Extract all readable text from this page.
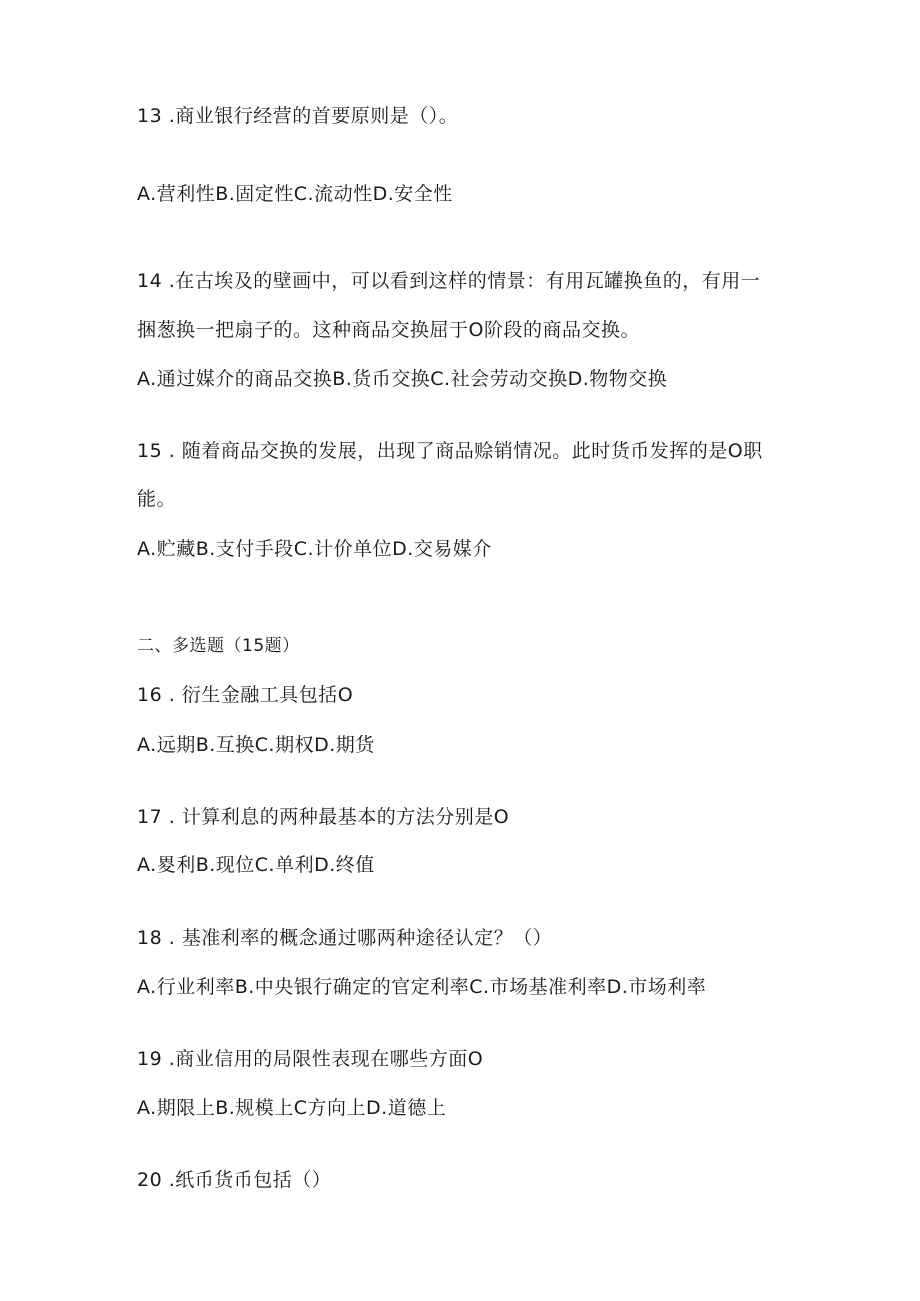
13 .商业银行经营的首要原则是（）。
A.营利性B.固定性C.流动性D.安全性
14 .在古埃及的壁画中，可以看到这样的情景：有用瓦罐换鱼的，有用一
捆葱换一把扇子的。这种商品交换屈于O阶段的商品交换。
A.通过媒介的商品交换B.货币交换C.社会劳动交换D.物物交换
15 . 随着商品交换的发展，出现了商品赊销情况。此时货币发挥的是O职
能。
A.贮藏B.支付手段C.计价单位D.交易媒介
二、多选题（15题）
16 . 衍生金融工具包括O
A.远期B.互换C.期权D.期货
17 . 计算利息的两种最基本的方法分别是O
A.畟利B.现位C.单利D.终值
18 . 基准利率的概念通过哪两种途径认定？（）
A.行业利率B.中央银行确定的官定利率C.市场基准利率D.市场利率
19 .商业信用的局限性表现在哪些方面O
A.期限上B.规模上C方向上D.道德上
20 .纸币货币包括（）
